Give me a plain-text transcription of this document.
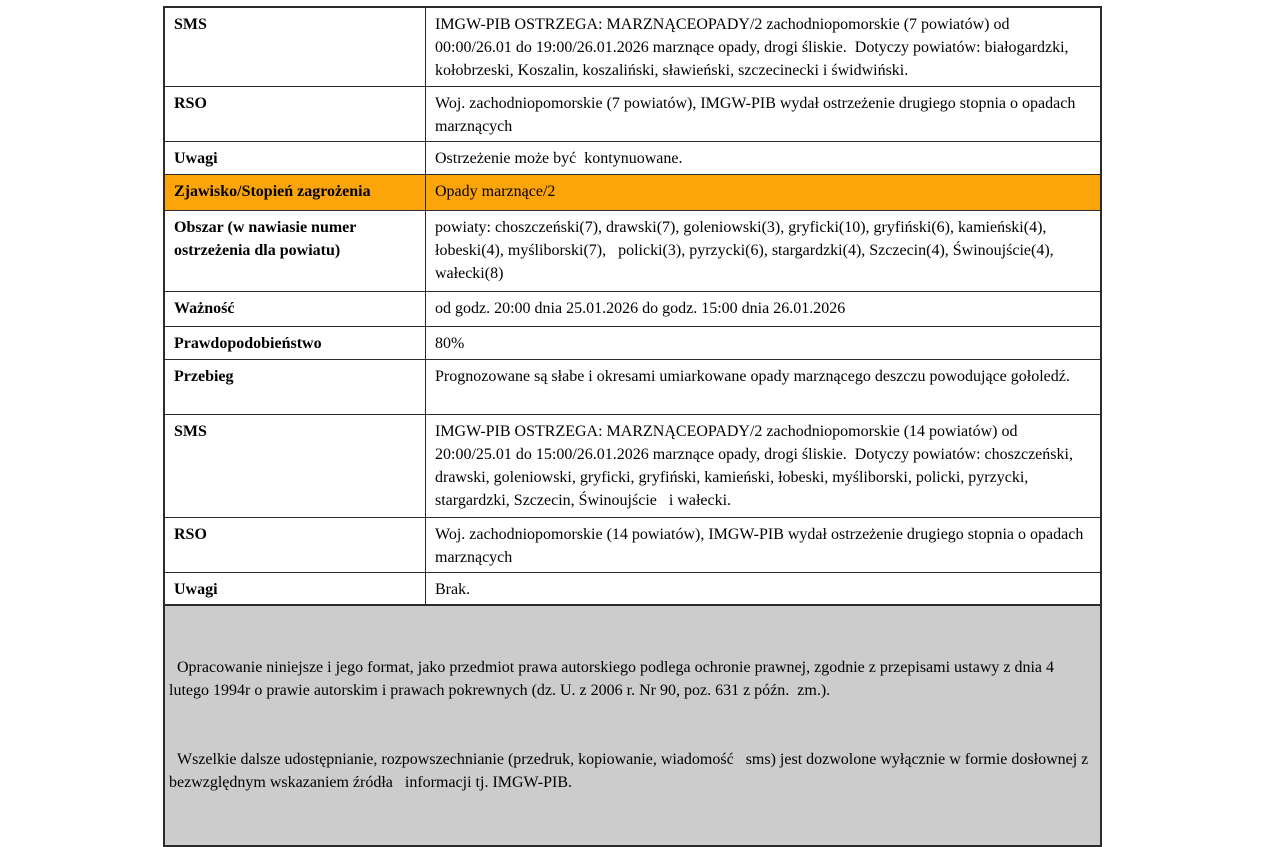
SMS	IMGW-PIB OSTRZEGA: MARZNĄCEOPADY/2 zachodniopomorskie (7 powiatów) od 00:00/26.01 do 19:00/26.01.2026 marznące opady, drogi śliskie.  Dotyczy powiatów: białogardzki, kołobrzeski, Koszalin, koszaliński, sławieński, szczecinecki i świdwiński.
RSO	Woj. zachodniopomorskie (7 powiatów), IMGW-PIB wydał ostrzeżenie drugiego stopnia o opadach marznących
Uwagi	Ostrzeżenie może być  kontynuowane.
Zjawisko/Stopień zagrożenia	Opady marznące/2
Obszar (w nawiasie numer ostrzeżenia dla powiatu)	powiaty: choszczeński(7), drawski(7), goleniowski(3), gryficki(10), gryfiński(6), kamieński(4), łobeski(4), myśliborski(7),   policki(3), pyrzycki(6), stargardzki(4), Szczecin(4), Świnoujście(4),    wałecki(8)
Ważność	od godz. 20:00 dnia 25.01.2026 do godz. 15:00 dnia 26.01.2026
Prawdopodobieństwo	80%
Przebieg	Prognozowane są słabe i okresami umiarkowane opady marznącego deszczu powodujące gołoledź.
SMS	IMGW-PIB OSTRZEGA: MARZNĄCEOPADY/2 zachodniopomorskie (14 powiatów) od 20:00/25.01 do 15:00/26.01.2026 marznące opady, drogi śliskie.  Dotyczy powiatów: choszczeński, drawski, goleniowski, gryficki, gryfiński, kamieński, łobeski, myśliborski, policki, pyrzycki, stargardzki, Szczecin, Świnoujście   i wałecki.
RSO	Woj. zachodniopomorskie (14 powiatów), IMGW-PIB wydał ostrzeżenie drugiego stopnia o opadach marznących
Uwagi	Brak.

Opracowanie niniejsze i jego format, jako przedmiot prawa autorskiego podlega ochronie prawnej, zgodnie z przepisami ustawy z dnia 4 lutego 1994r o prawie autorskim i prawach pokrewnych (dz. U. z 2006 r. Nr 90, poz. 631 z późn.  zm.).

Wszelkie dalsze udostępnianie, rozpowszechnianie (przedruk, kopiowanie, wiadomość   sms) jest dozwolone wyłącznie w formie dosłownej z bezwzględnym wskazaniem źródła   informacji tj. IMGW-PIB.
